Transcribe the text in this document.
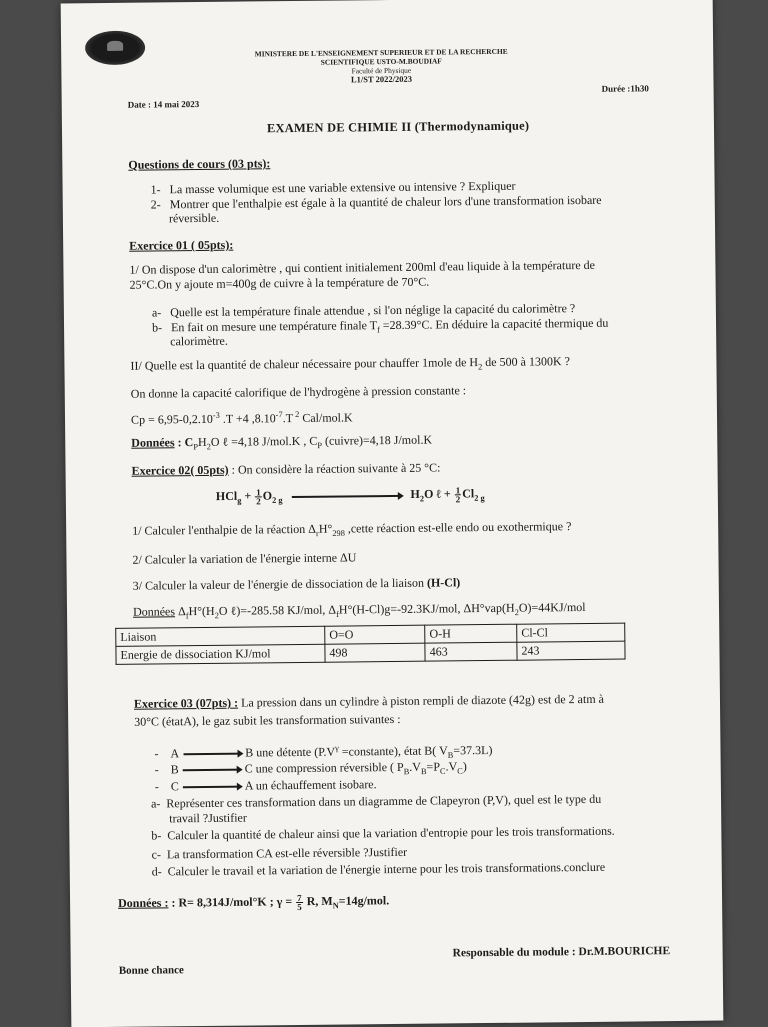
MINISTERE DE L'ENSEIGNEMENT SUPERIEUR ET DE LA RECHERCHE
SCIENTIFIQUE USTO-M.BOUDIAF
Faculté de Physique
L1/ST 2022/2023
Date : 14 mai 2023
Durée :1h30
EXAMEN DE CHIMIE II (Thermodynamique)
Questions de cours (03 pts):
1- La masse volumique est une variable extensive ou intensive ? Expliquer
2- Montrer que l'enthalpie est égale à la quantité de chaleur lors d'une transformation isobare
réversible.
Exercice 01 ( 05pts):
1/ On dispose d'un calorimètre , qui contient initialement 200ml d'eau liquide à la température de
25°C.On y ajoute m=400g de cuivre à la température de 70°C.
a- Quelle est la température finale attendue , si l'on néglige la capacité du calorimètre ?
b- En fait on mesure une température finale $T_f =28.39^\circ C$. En déduire la capacité thermique du
calorimètre.
II/ Quelle est la quantité de chaleur nécessaire pour chauffer 1mole de $H_2$ de 500 à 1300K ?
On donne la capacité calorifique de l'hydrogène à pression constante :
$Cp = 6,95-0,2.10^{-3}$ .T +4 $,8.10^{-7}.T$ $^2$ Cal/mol.K
Données : $C_PH_2O$ ℓ =4,18 J/mol.K , $C_P$ (cuivre)=4,18 J/mol.K
Exercice 02( 05pts) : On considère la réaction suivante à 25 °C:
$HCl_g + \frac{1}{2} O_{2 g}$	$H_2O$ ℓ + $\frac{1}{2} Cl_{2 g}$
1/ Calculer l'enthalpie de la réaction $\Delta_rH^\circ_{298}$ ,cette réaction est-elle endo ou exothermique ?
2/ Calculer la variation de l'énergie interne ΔU
3/ Calculer la valeur de l'énergie de dissociation de la liaison (H-Cl)
Données $\Delta_fH^\circ(H_2O$ ℓ)=-285.58 KJ/mol, $\Delta_fH^\circ(H-Cl)g=-92.3KJ$/mol, $\Delta H^\circ vap(H_2O)=44KJ$/mol
Liaison	O=O	O-H	Cl-Cl
Energie de dissociation KJ/mol	498	463	243
Exercice 03 (07pts) : La pression dans un cylindre à piston rempli de diazote (42g) est de 2 atm à
30°C (étatA), le gaz subit les transformation suivantes :
-    A	B une détente ($P.V^\gamma$ =constante), état B( $V_B=37.3L$)
-    B	C une compression réversible ( $P_B.V_B=P_C.V_C$)
-    C	A un échauffement isobare.
a- Représenter ces transformation dans un diagramme de Clapeyron (P,V), quel est le type du
travail ?Justifier
b- Calculer la quantité de chaleur ainsi que la variation d'entropie pour les trois transformations.
c- La transformation CA est-elle réversible ?Justifier
d- Calculer le travail et la variation de l'énergie interne pour les trois transformations.conclure
Données : : R= 8,314J/mol°K ; $\gamma = \frac{7}{5} R$, $M_N=14g$/mol.
Bonne chance
Responsable du module : Dr.M.BOURICHE
